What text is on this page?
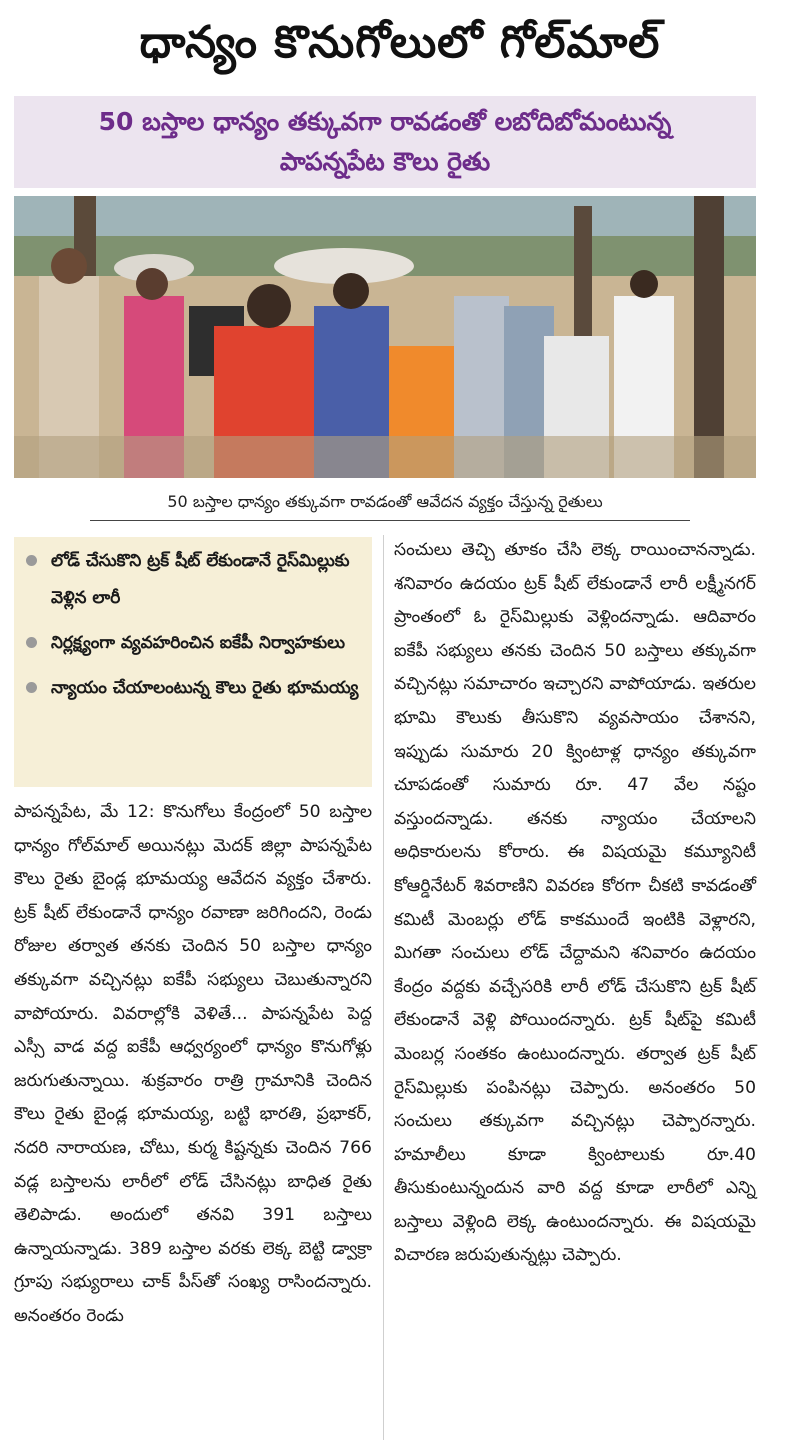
ధాన్యం కొనుగోలులో గోల్‌మాల్
50 బస్తాల ధాన్యం తక్కువగా రావడంతో లబోదిబోమంటున్న
పాపన్నపేట కౌలు రైతు
50 బస్తాల ధాన్యం తక్కువగా రావడంతో ఆవేదన వ్యక్తం చేస్తున్న రైతులు
లోడ్ చేసుకొని ట్రక్ షీట్ లేకుండానే రైస్‌మిల్లుకు వెళ్లిన లారీ
నిర్లక్ష్యంగా వ్యవహరించిన ఐకేపీ నిర్వాహకులు
న్యాయం చేయాలంటున్న కౌలు రైతు భూమయ్య

పాపన్నపేట, మే 12: కొనుగోలు కేంద్రంలో 50 బస్తాల ధాన్యం గోల్‌మాల్ అయినట్లు మెదక్ జిల్లా పాపన్నపేట కౌలు రైతు బైండ్ల భూమయ్య ఆవేదన వ్యక్తం చేశారు. ట్రక్ షీట్ లేకుండానే ధాన్యం రవాణా జరిగిందని, రెండు రోజుల తర్వాత తనకు చెందిన 50 బస్తాల ధాన్యం తక్కువగా వచ్చినట్లు ఐకేపీ సభ్యులు చెబుతున్నారని వాపోయారు. వివరాల్లోకి వెళితే... పాపన్నపేట పెద్ద ఎస్సీ వాడ వద్ద ఐకేపీ ఆధ్వర్యంలో ధాన్యం కొనుగోళ్లు జరుగుతున్నాయి. శుక్రవారం రాత్రి గ్రామానికి చెందిన కౌలు రైతు బైండ్ల భూమయ్య, బట్టి భారతి, ప్రభాకర్, నదరి నారాయణ, చోటు, కుర్మ కిష్టన్నకు చెందిన 766 వడ్ల బస్తాలను లారీలో లోడ్ చేసినట్లు బాధిత రైతు తెలిపాడు. అందులో తనవి 391 బస్తాలు ఉన్నాయన్నాడు. 389 బస్తాల వరకు లెక్క బెట్టి డ్వాక్రా గ్రూపు సభ్యురాలు చాక్ పీస్‌తో సంఖ్య రాసిందన్నారు. అనంతరం రెండు

సంచులు తెచ్చి తూకం చేసి లెక్క రాయించానన్నాడు. శనివారం ఉదయం ట్రక్ షీట్ లేకుండానే లారీ లక్ష్మీనగర్ ప్రాంతంలో ఓ రైస్‌మిల్లుకు వెళ్లిందన్నాడు. ఆదివారం ఐకేపీ సభ్యులు తనకు చెందిన 50 బస్తాలు తక్కువగా వచ్చినట్లు సమాచారం ఇచ్చారని వాపోయాడు. ఇతరుల భూమి కౌలుకు తీసుకొని వ్యవసాయం చేశానని, ఇప్పుడు సుమారు 20 క్వింటాళ్ల ధాన్యం తక్కువగా చూపడంతో సుమారు రూ. 47 వేల నష్టం వస్తుందన్నాడు. తనకు న్యాయం చేయాలని అధికారులను కోరారు. ఈ విషయమై కమ్యూనిటీ కోఆర్డినేటర్ శివరాణిని వివరణ కోరగా చీకటి కావడంతో కమిటీ మెంబర్లు లోడ్ కాకముందే ఇంటికి వెళ్లారని, మిగతా సంచులు లోడ్ చేద్దామని శనివారం ఉదయం కేంద్రం వద్దకు వచ్చేసరికి లారీ లోడ్ చేసుకొని ట్రక్ షీట్ లేకుండానే వెళ్లి పోయిందన్నారు. ట్రక్ షీట్‌పై కమిటీ మెంబర్ల సంతకం ఉంటుందన్నారు. తర్వాత ట్రక్ షీట్ రైస్‌మిల్లుకు పంపినట్లు చెప్పారు. అనంతరం 50 సంచులు తక్కువగా వచ్చినట్లు చెప్పారన్నారు. హమాలీలు కూడా క్వింటాలుకు రూ.40 తీసుకుంటున్నందున వారి వద్ద కూడా లారీలో ఎన్ని బస్తాలు వెళ్లింది లెక్క ఉంటుందన్నారు. ఈ విషయమై విచారణ జరుపుతున్నట్లు చెప్పారు.
